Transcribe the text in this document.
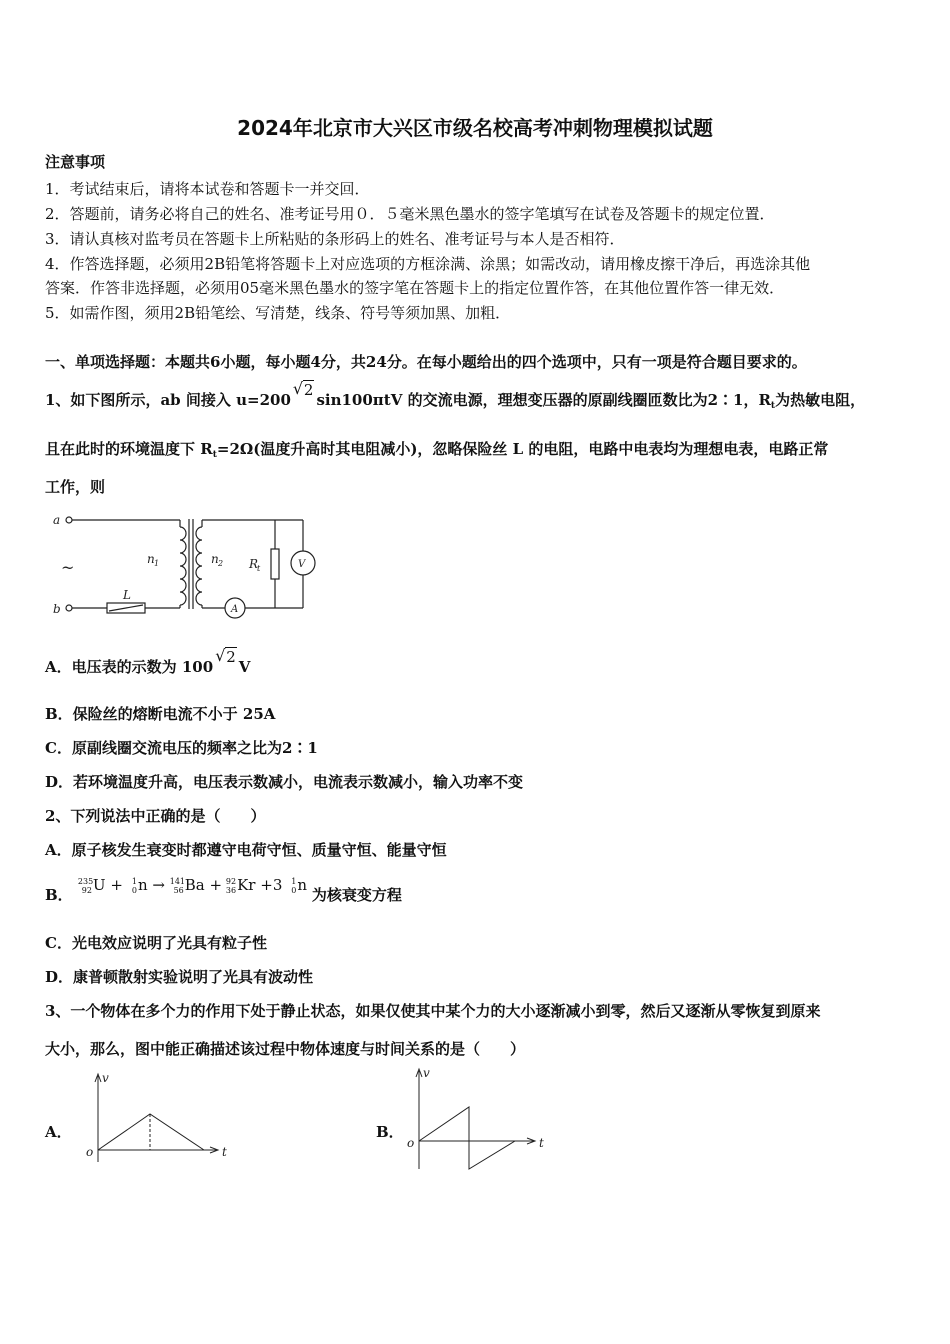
2024年北京市大兴区市级名校高考冲刺物理模拟试题
注意事项
1．考试结束后，请将本试卷和答题卡一并交回．
2．答题前，请务必将自己的姓名、准考证号用０．５毫米黑色墨水的签字笔填写在试卷及答题卡的规定位置．
3．请认真核对监考员在答题卡上所粘贴的条形码上的姓名、准考证号与本人是否相符．
4．作答选择题，必须用2B铅笔将答题卡上对应选项的方框涂满、涂黑；如需改动，请用橡皮擦干净后，再选涂其他
答案．作答非选择题，必须用05毫米黑色墨水的签字笔在答题卡上的指定位置作答，在其他位置作答一律无效．
5．如需作图，须用2B铅笔绘、写清楚，线条、符号等须加黑、加粗．
一、单项选择题：本题共6小题，每小题4分，共24分。在每小题给出的四个选项中，只有一项是符合题目要求的。
1、如下图所示，ab 间接入 u=200
√ 2sin100πtV 的交流电源，理想变压器的原副线圈匝数比为2∶1，$R_t$为热敏电阻，
且在此时的环境温度下 $R_t=2\Omega$(温度升高时其电阻减小)，忽略保险丝 L 的电阻，电路中电表均为理想电表，电路正常
工作，则
a
b
~	n 1	n 2 R
t
L
V
A
A．电压表的示数为 100
√ 2V
B．保险丝的熔断电流不小于 25A
C．原副线圈交流电压的频率之比为2∶1
D．若环境温度升高，电压表示数减小，电流表示数减小，输入功率不变
2、下列说法中正确的是（　　）
A．原子核发生衰变时都遵守电荷守恒、质量守恒、能量守恒
B．
235
92 U +	1
0 n → 141
56 Ba + 92
36 Kr +3	1
0 n 为核衰变方程
C．光电效应说明了光具有粒子性
D．康普顿散射实验说明了光具有波动性
3、一个物体在多个力的作用下处于静止状态，如果仅使其中某个力的大小逐渐减小到零，然后又逐渐从零恢复到原来
大小，那么，图中能正确描述该过程中物体速度与时间关系的是（　　）
A．
v
t
o
B．
v
t
o
